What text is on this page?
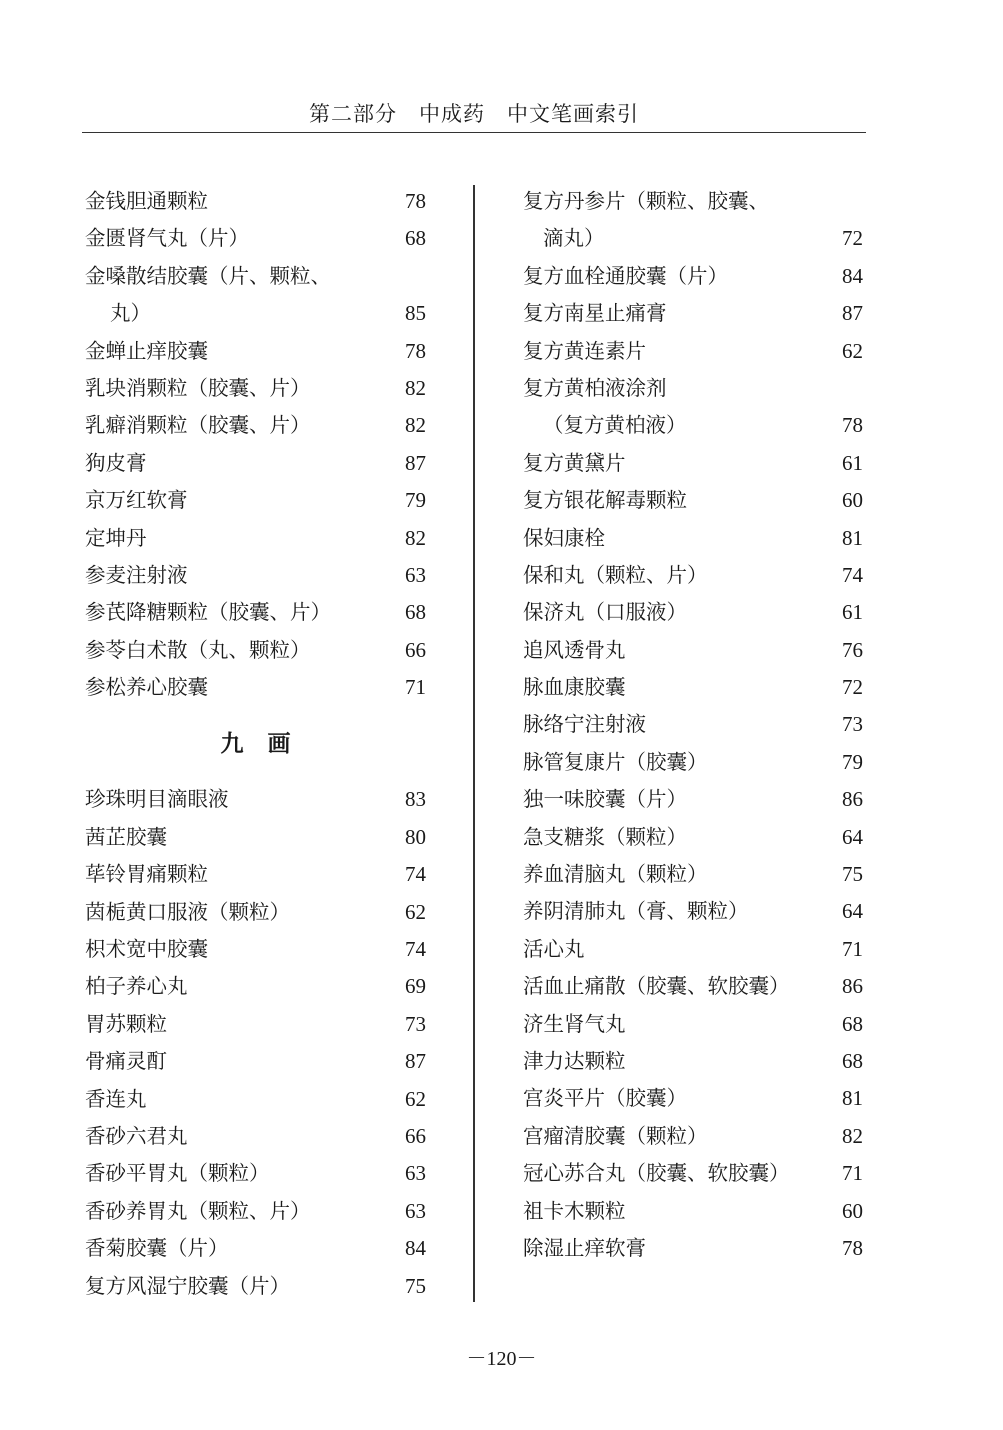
第二部分　中成药　中文笔画索引
金钱胆通颗粒	78
金匮肾气丸（片）	68
金嗓散结胶囊（片、颗粒、
丸）	85
金蝉止痒胶囊	78
乳块消颗粒（胶囊、片）	82
乳癖消颗粒（胶囊、片）	82
狗皮膏	87
京万红软膏	79
定坤丹	82
参麦注射液	63
参芪降糖颗粒（胶囊、片）	68
参苓白术散（丸、颗粒）	66
参松养心胶囊	71
九画
珍珠明目滴眼液	83
茜芷胶囊	80
荜铃胃痛颗粒	74
茵栀黄口服液（颗粒）	62
枳术宽中胶囊	74
柏子养心丸	69
胃苏颗粒	73
骨痛灵酊	87
香连丸	62
香砂六君丸	66
香砂平胃丸（颗粒）	63
香砂养胃丸（颗粒、片）	63
香菊胶囊（片）	84
复方风湿宁胶囊（片）	75
复方丹参片（颗粒、胶囊、
滴丸）	72
复方血栓通胶囊（片）	84
复方南星止痛膏	87
复方黄连素片	62
复方黄柏液涂剂
（复方黄柏液）	78
复方黄黛片	61
复方银花解毒颗粒	60
保妇康栓	81
保和丸（颗粒、片）	74
保济丸（口服液）	61
追风透骨丸	76
脉血康胶囊	72
脉络宁注射液	73
脉管复康片（胶囊）	79
独一味胶囊（片）	86
急支糖浆（颗粒）	64
养血清脑丸（颗粒）	75
养阴清肺丸（膏、颗粒）	64
活心丸	71
活血止痛散（胶囊、软胶囊）	86
济生肾气丸	68
津力达颗粒	68
宫炎平片（胶囊）	81
宫瘤清胶囊（颗粒）	82
冠心苏合丸（胶囊、软胶囊）	71
祖卡木颗粒	60
除湿止痒软膏	78
－120－
